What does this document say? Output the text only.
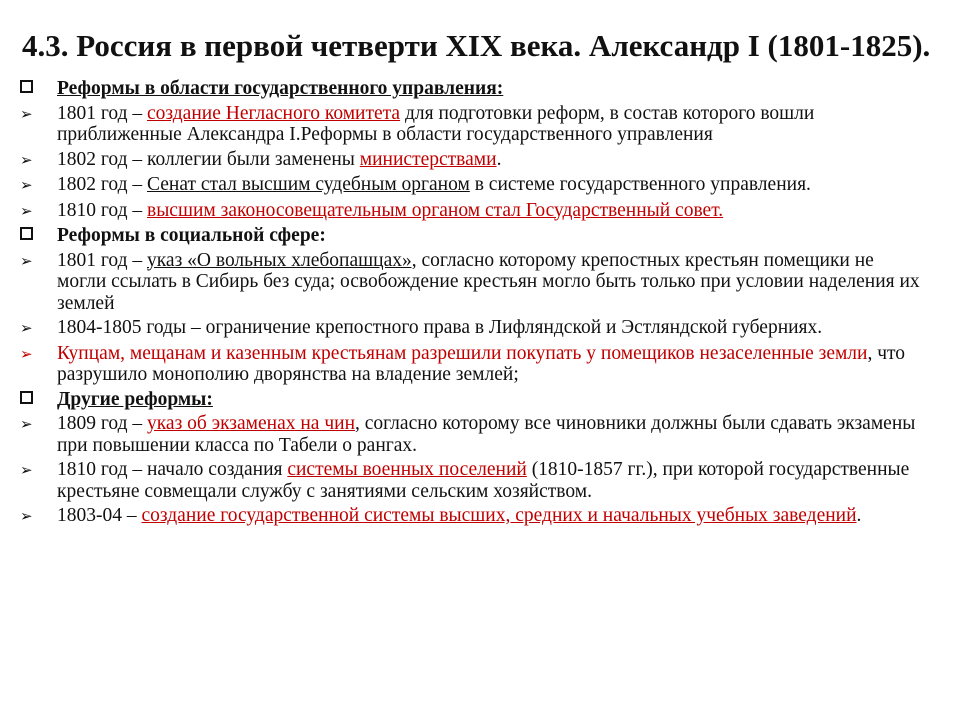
4.3. Россия в первой четверти XIX века. Александр I (1801-1825).
Реформы в области государственного управления:
➢	1801 год – создание Негласного комитета для подготовки реформ, в состав которого вошли приближенные Александра I.Реформы в области государственного управления
➢	1802 год – коллегии были заменены министерствами.
➢	1802 год – Сенат стал высшим судебным органом в системе государственного управления.
➢	1810 год – высшим законосовещательным органом стал Государственный совет.
Реформы в социальной сфере:
➢	1801 год – указ «О вольных хлебопашцах», согласно которому крепостных крестьян помещики не могли ссылать в Сибирь без суда; освобождение крестьян могло быть только при условии наделения их землей
➢	1804-1805 годы – ограничение крепостного права в Лифляндской и Эстляндской губерниях.
➢	Купцам, мещанам и казенным крестьянам разрешили покупать у помещиков незаселенные земли, что разрушило монополию дворянства на владение землей;
Другие реформы:
➢	1809 год – указ об экзаменах на чин, согласно которому все чиновники должны были сдавать экзамены при повышении класса по Табели о рангах.
➢	1810 год – начало создания системы военных поселений (1810-1857 гг.), при которой государственные крестьяне совмещали службу с занятиями сельским хозяйством.
➢	1803-04 – создание государственной системы высших, средних и начальных учебных заведений.
